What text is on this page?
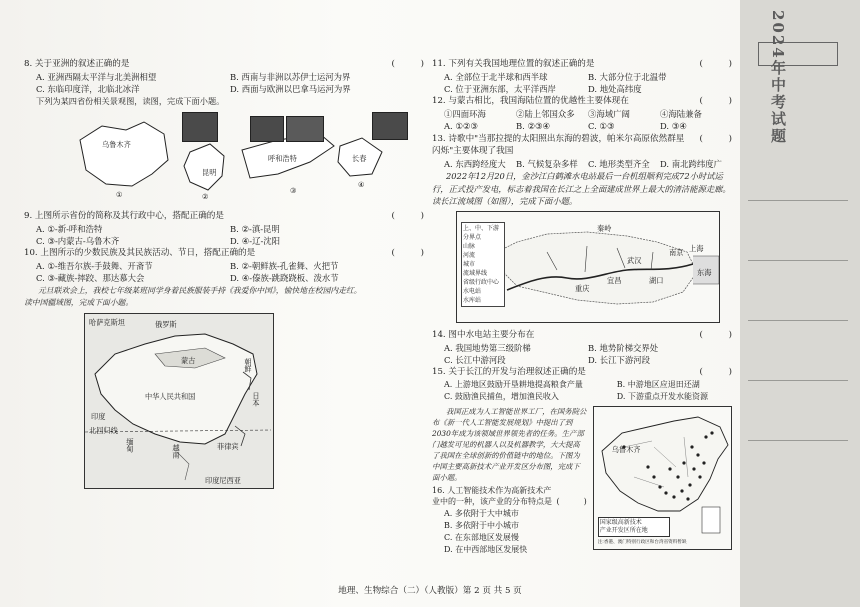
2024年中考试题
8. 关于亚洲的叙述正确的是	(　　　)
A. 亚洲西隔太平洋与北美洲相望	B. 西南与非洲以苏伊士运河为界
C. 东临印度洋，北临北冰洋	D. 西面与欧洲以巴拿马运河为界
下列为某四省份相关景观图，读图，完成下面小题。
乌鲁木齐
昆明
呼和浩特	长春
①	②
③
④
9. 上图所示省份的简称及其行政中心，搭配正确的是	(　　　)
A. ①-新-呼和浩特	B. ②-滇-昆明
C. ③-内蒙古-乌鲁木齐	D. ④-辽-沈阳
10. 上图所示的少数民族及其民族活动、节日，搭配正确的是	(　　　)
A. ①-维吾尔族-手鼓舞、开斋节	B. ②-朝鲜族-孔雀舞、火把节
C. ③-藏族-摔跤、那达慕大会	D. ④-傣族-跳跷跷板、泼水节
元旦联欢会上，我校七年级某班同学身着民族服装手持《我爱你中国》，愉快地在校园内走红。
读中国疆域图，完成下面小题。
哈萨克斯坦	俄罗斯
蒙古	朝鲜
中华人民共和国
印度
日本
缅甸	越南	菲律宾
北回归线
印度尼西亚
11. 下列有关我国地理位置的叙述正确的是	(　　　)
A. 全部位于北半球和西半球	B. 大部分位于北温带
C. 位于亚洲东部，太平洋西岸	D. 地处高纬度
12. 与蒙古相比，我国海陆位置的优越性主要体现在	(　　　)
①四面环海	②陆上邻国众多	③海域广阔	④海陆兼备
A. ①②③	B. ②③④	C. ①③	D. ③④
13. 诗歌中"当那拉提的太阳照出东海的碧波，帕米尔高原依然群星闪烁"主要体现了我国
(　　　)
A. 东西跨经度大	B. 气候复杂多样	C. 地形类型齐全	D. 南北跨纬度广
2022年12月20日，金沙江白鹤滩水电站最后一台机组顺利完成72小时试运行，正式投产发电，标志着我国在长江之上全面建成世界上最大的清洁能源走廊。读长江流域图（如图），完成下面小题。
上、中、下游分界点
山脉
河流
城市
流域界线
省级行政中心
水电站
水库站
宜昌	湖口
重庆
武汉
南京 上海
秦岭
东海
14. 图中水电站主要分布在	(　　　)
A. 我国地势第三级阶梯	B. 地势阶梯交界处
C. 长江中游河段	D. 长江下游河段
15. 关于长江的开发与治理叙述正确的是	(　　　)
A. 上游地区鼓励开垦耕地提高粮食产量	B. 中游地区应退田还湖
C. 鼓励渔民捕鱼，增加渔民收入	D. 下游重点开发水能资源
我国正成为人工智能世界工厂，在国务院公布《新一代人工智能发展规划》中提出了到2030年成为该领域世界领先者的任务。生产部门越发可见的机器人以及机器教学，大大提高了我国在全球创新的价值链中的地位。下图为中国主要高新技术产业开发区分布图，完成下面小题。
16. 人工智能技术作为高新技术产业中的一种，该产业的分布特点是 (　　　)
A. 多依附于大中城市
B. 多依附于中小城市
C. 在东部地区发展慢
D. 在中西部地区发展快
乌鲁木齐
国家级高新技术
产业开发区所在地
注:香港、澳门特别行政区和台湾省资料暂缺
地理、生物综合（二）（人教版）第 2 页 共 5 页
